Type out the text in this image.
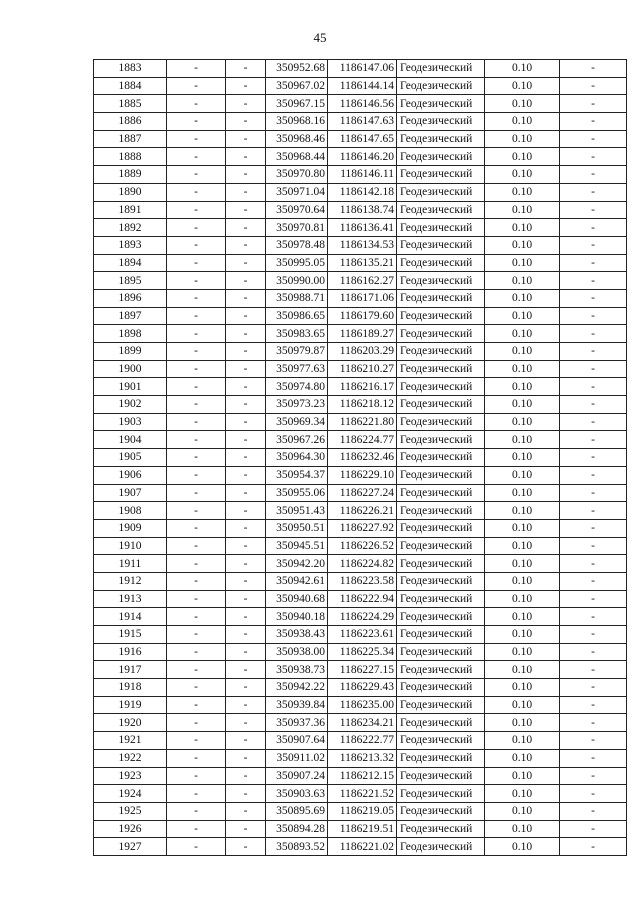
45
1883	-	-	350952.68	1186147.06	Геодезический	0.10	-
1884	-	-	350967.02	1186144.14	Геодезический	0.10	-
1885	-	-	350967.15	1186146.56	Геодезический	0.10	-
1886	-	-	350968.16	1186147.63	Геодезический	0.10	-
1887	-	-	350968.46	1186147.65	Геодезический	0.10	-
1888	-	-	350968.44	1186146.20	Геодезический	0.10	-
1889	-	-	350970.80	1186146.11	Геодезический	0.10	-
1890	-	-	350971.04	1186142.18	Геодезический	0.10	-
1891	-	-	350970.64	1186138.74	Геодезический	0.10	-
1892	-	-	350970.81	1186136.41	Геодезический	0.10	-
1893	-	-	350978.48	1186134.53	Геодезический	0.10	-
1894	-	-	350995.05	1186135.21	Геодезический	0.10	-
1895	-	-	350990.00	1186162.27	Геодезический	0.10	-
1896	-	-	350988.71	1186171.06	Геодезический	0.10	-
1897	-	-	350986.65	1186179.60	Геодезический	0.10	-
1898	-	-	350983.65	1186189.27	Геодезический	0.10	-
1899	-	-	350979.87	1186203.29	Геодезический	0.10	-
1900	-	-	350977.63	1186210.27	Геодезический	0.10	-
1901	-	-	350974.80	1186216.17	Геодезический	0.10	-
1902	-	-	350973.23	1186218.12	Геодезический	0.10	-
1903	-	-	350969.34	1186221.80	Геодезический	0.10	-
1904	-	-	350967.26	1186224.77	Геодезический	0.10	-
1905	-	-	350964.30	1186232.46	Геодезический	0.10	-
1906	-	-	350954.37	1186229.10	Геодезический	0.10	-
1907	-	-	350955.06	1186227.24	Геодезический	0.10	-
1908	-	-	350951.43	1186226.21	Геодезический	0.10	-
1909	-	-	350950.51	1186227.92	Геодезический	0.10	-
1910	-	-	350945.51	1186226.52	Геодезический	0.10	-
1911	-	-	350942.20	1186224.82	Геодезический	0.10	-
1912	-	-	350942.61	1186223.58	Геодезический	0.10	-
1913	-	-	350940.68	1186222.94	Геодезический	0.10	-
1914	-	-	350940.18	1186224.29	Геодезический	0.10	-
1915	-	-	350938.43	1186223.61	Геодезический	0.10	-
1916	-	-	350938.00	1186225.34	Геодезический	0.10	-
1917	-	-	350938.73	1186227.15	Геодезический	0.10	-
1918	-	-	350942.22	1186229.43	Геодезический	0.10	-
1919	-	-	350939.84	1186235.00	Геодезический	0.10	-
1920	-	-	350937.36	1186234.21	Геодезический	0.10	-
1921	-	-	350907.64	1186222.77	Геодезический	0.10	-
1922	-	-	350911.02	1186213.32	Геодезический	0.10	-
1923	-	-	350907.24	1186212.15	Геодезический	0.10	-
1924	-	-	350903.63	1186221.52	Геодезический	0.10	-
1925	-	-	350895.69	1186219.05	Геодезический	0.10	-
1926	-	-	350894.28	1186219.51	Геодезический	0.10	-
1927	-	-	350893.52	1186221.02	Геодезический	0.10	-
